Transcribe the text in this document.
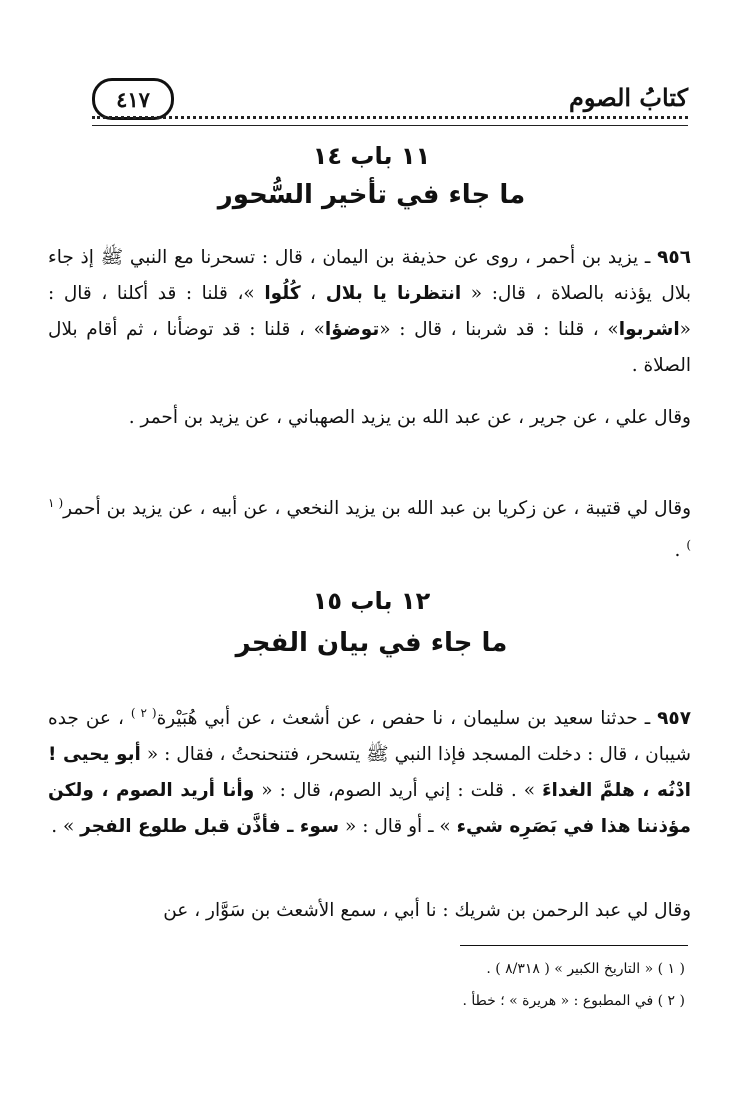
كتابُ الصوم
٤١٧
١١ باب ١٤
ما جاء في تأخير السُّحور
٩٥٦ ـ يزيد بن أحمر ، روى عن حذيفة بن اليمان ، قال : تسحرنا مع النبي ﷺ إذ جاء بلال يؤذنه بالصلاة ، قال: « انتظرنا يا بلال ، كُلُوا »، قلنا : قد أكلنا ، قال : «اشربوا» ، قلنا : قد شربنا ، قال : «توضؤا» ، قلنا : قد توضأنا ، ثم أقام بلال الصلاة .
وقال علي ، عن جرير ، عن عبد الله بن يزيد الصهباني ، عن يزيد بن أحمر .
وقال لي قتيبة ، عن زكريا بن عبد الله بن يزيد النخعي ، عن أبيه ، عن يزيد بن أحمر$^{( ١ )}$ .
١٢ باب ١٥
ما جاء في بيان الفجر
٩٥٧ ـ حدثنا سعيد بن سليمان ، نا حفص ، عن أشعث ، عن أبي هُبَيْرة$^{( ٢ )}$ ، عن جده شيبان ، قال : دخلت المسجد فإذا النبي ﷺ يتسحر، فتنحنحتُ ، فقال : « أبو يحيى ! ادْنُه ، هلمَّ الغداءَ » . قلت : إني أريد الصوم، قال : « وأنا أريد الصوم ، ولكن مؤذننا هذا في بَصَرِه شيء » ـ أو قال : « سوء ـ فأذَّن قبل طلوع الفجر » .
وقال لي عبد الرحمن بن شريك : نا أبي ، سمع الأشعث بن سَوَّار ، عن
( ١ ) « التاريخ الكبير » ( ٨/٣١٨ ) .
( ٢ ) في المطبوع : « هريرة » ؛ خطأ .
